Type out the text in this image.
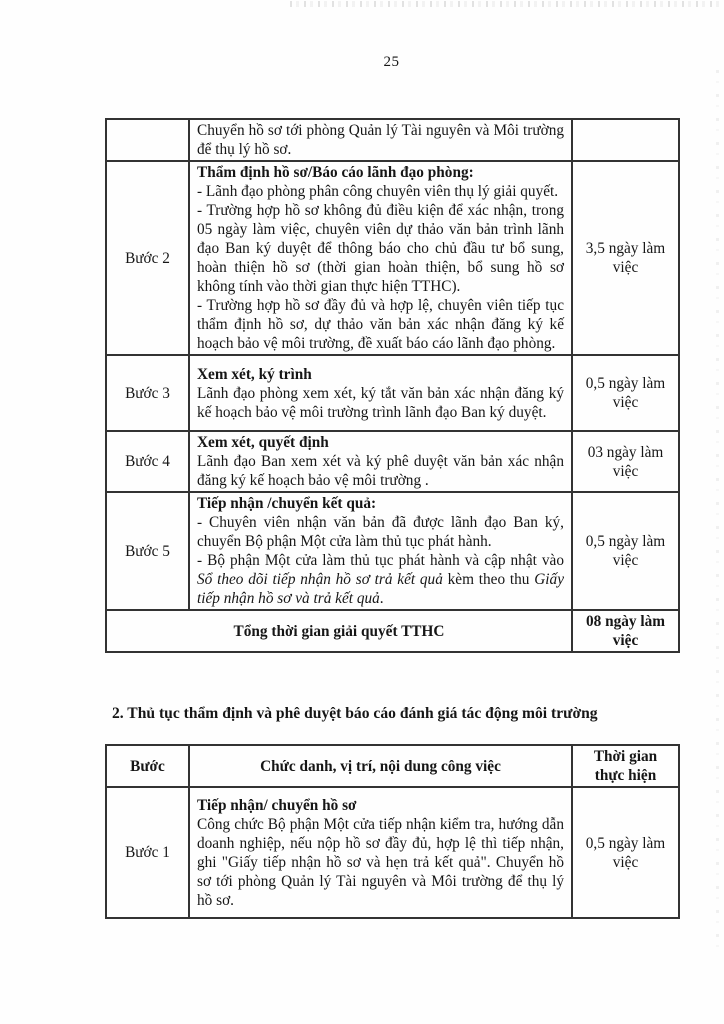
25

	Chuyển hồ sơ tới phòng Quản lý Tài nguyên và Môi trường để thụ lý hồ sơ.	

Bước 2	Thẩm định hồ sơ/Báo cáo lãnh đạo phòng:

- Lãnh đạo phòng phân công chuyên viên thụ lý giải quyết.

- Trường hợp hồ sơ không đủ điều kiện để xác nhận, trong 05 ngày làm việc, chuyên viên dự thảo văn bản trình lãnh đạo Ban ký duyệt để thông báo cho chủ đầu tư bổ sung, hoàn thiện hồ sơ (thời gian hoàn thiện, bổ sung hồ sơ không tính vào thời gian thực hiện TTHC).

- Trường hợp hồ sơ đầy đủ và hợp lệ, chuyên viên tiếp tục thẩm định hồ sơ, dự thảo văn bản xác nhận đăng ký kế hoạch bảo vệ môi trường, đề xuất báo cáo lãnh đạo phòng.	3,5 ngày làm việc
Bước 3	Xem xét, ký trình

Lãnh đạo phòng xem xét, ký tắt văn bản xác nhận đăng ký kế hoạch bảo vệ môi trường trình lãnh đạo Ban ký duyệt.	0,5 ngày làm việc
Bước 4	Xem xét, quyết định

Lãnh đạo Ban xem xét và ký phê duyệt văn bản xác nhận đăng ký kế hoạch bảo vệ môi trường .	03 ngày làm việc
Bước 5	Tiếp nhận /chuyển kết quả:

- Chuyên viên nhận văn bản đã được lãnh đạo Ban ký, chuyển Bộ phận Một cửa làm thủ tục phát hành.

- Bộ phận Một cửa làm thủ tục phát hành và cập nhật vào Sổ theo dõi tiếp nhận hồ sơ trả kết quả kèm theo thu Giấy tiếp nhận hồ sơ và trả kết quả.	0,5 ngày làm việc
Tổng thời gian giải quyết TTHC		08 ngày làm việc
2. Thủ tục thẩm định và phê duyệt báo cáo đánh giá tác động môi trường
Bước	Chức danh, vị trí, nội dung công việc	Thời gian thực hiện
Bước 1	Tiếp nhận/ chuyển hồ sơ

Công chức Bộ phận Một cửa tiếp nhận kiểm tra, hướng dẫn doanh nghiệp, nếu nộp hồ sơ đầy đủ, hợp lệ thì tiếp nhận, ghi "Giấy tiếp nhận hồ sơ và hẹn trả kết quả". Chuyển hồ sơ tới phòng Quản lý Tài nguyên và Môi trường để thụ lý hồ sơ.	0,5 ngày làm việc
